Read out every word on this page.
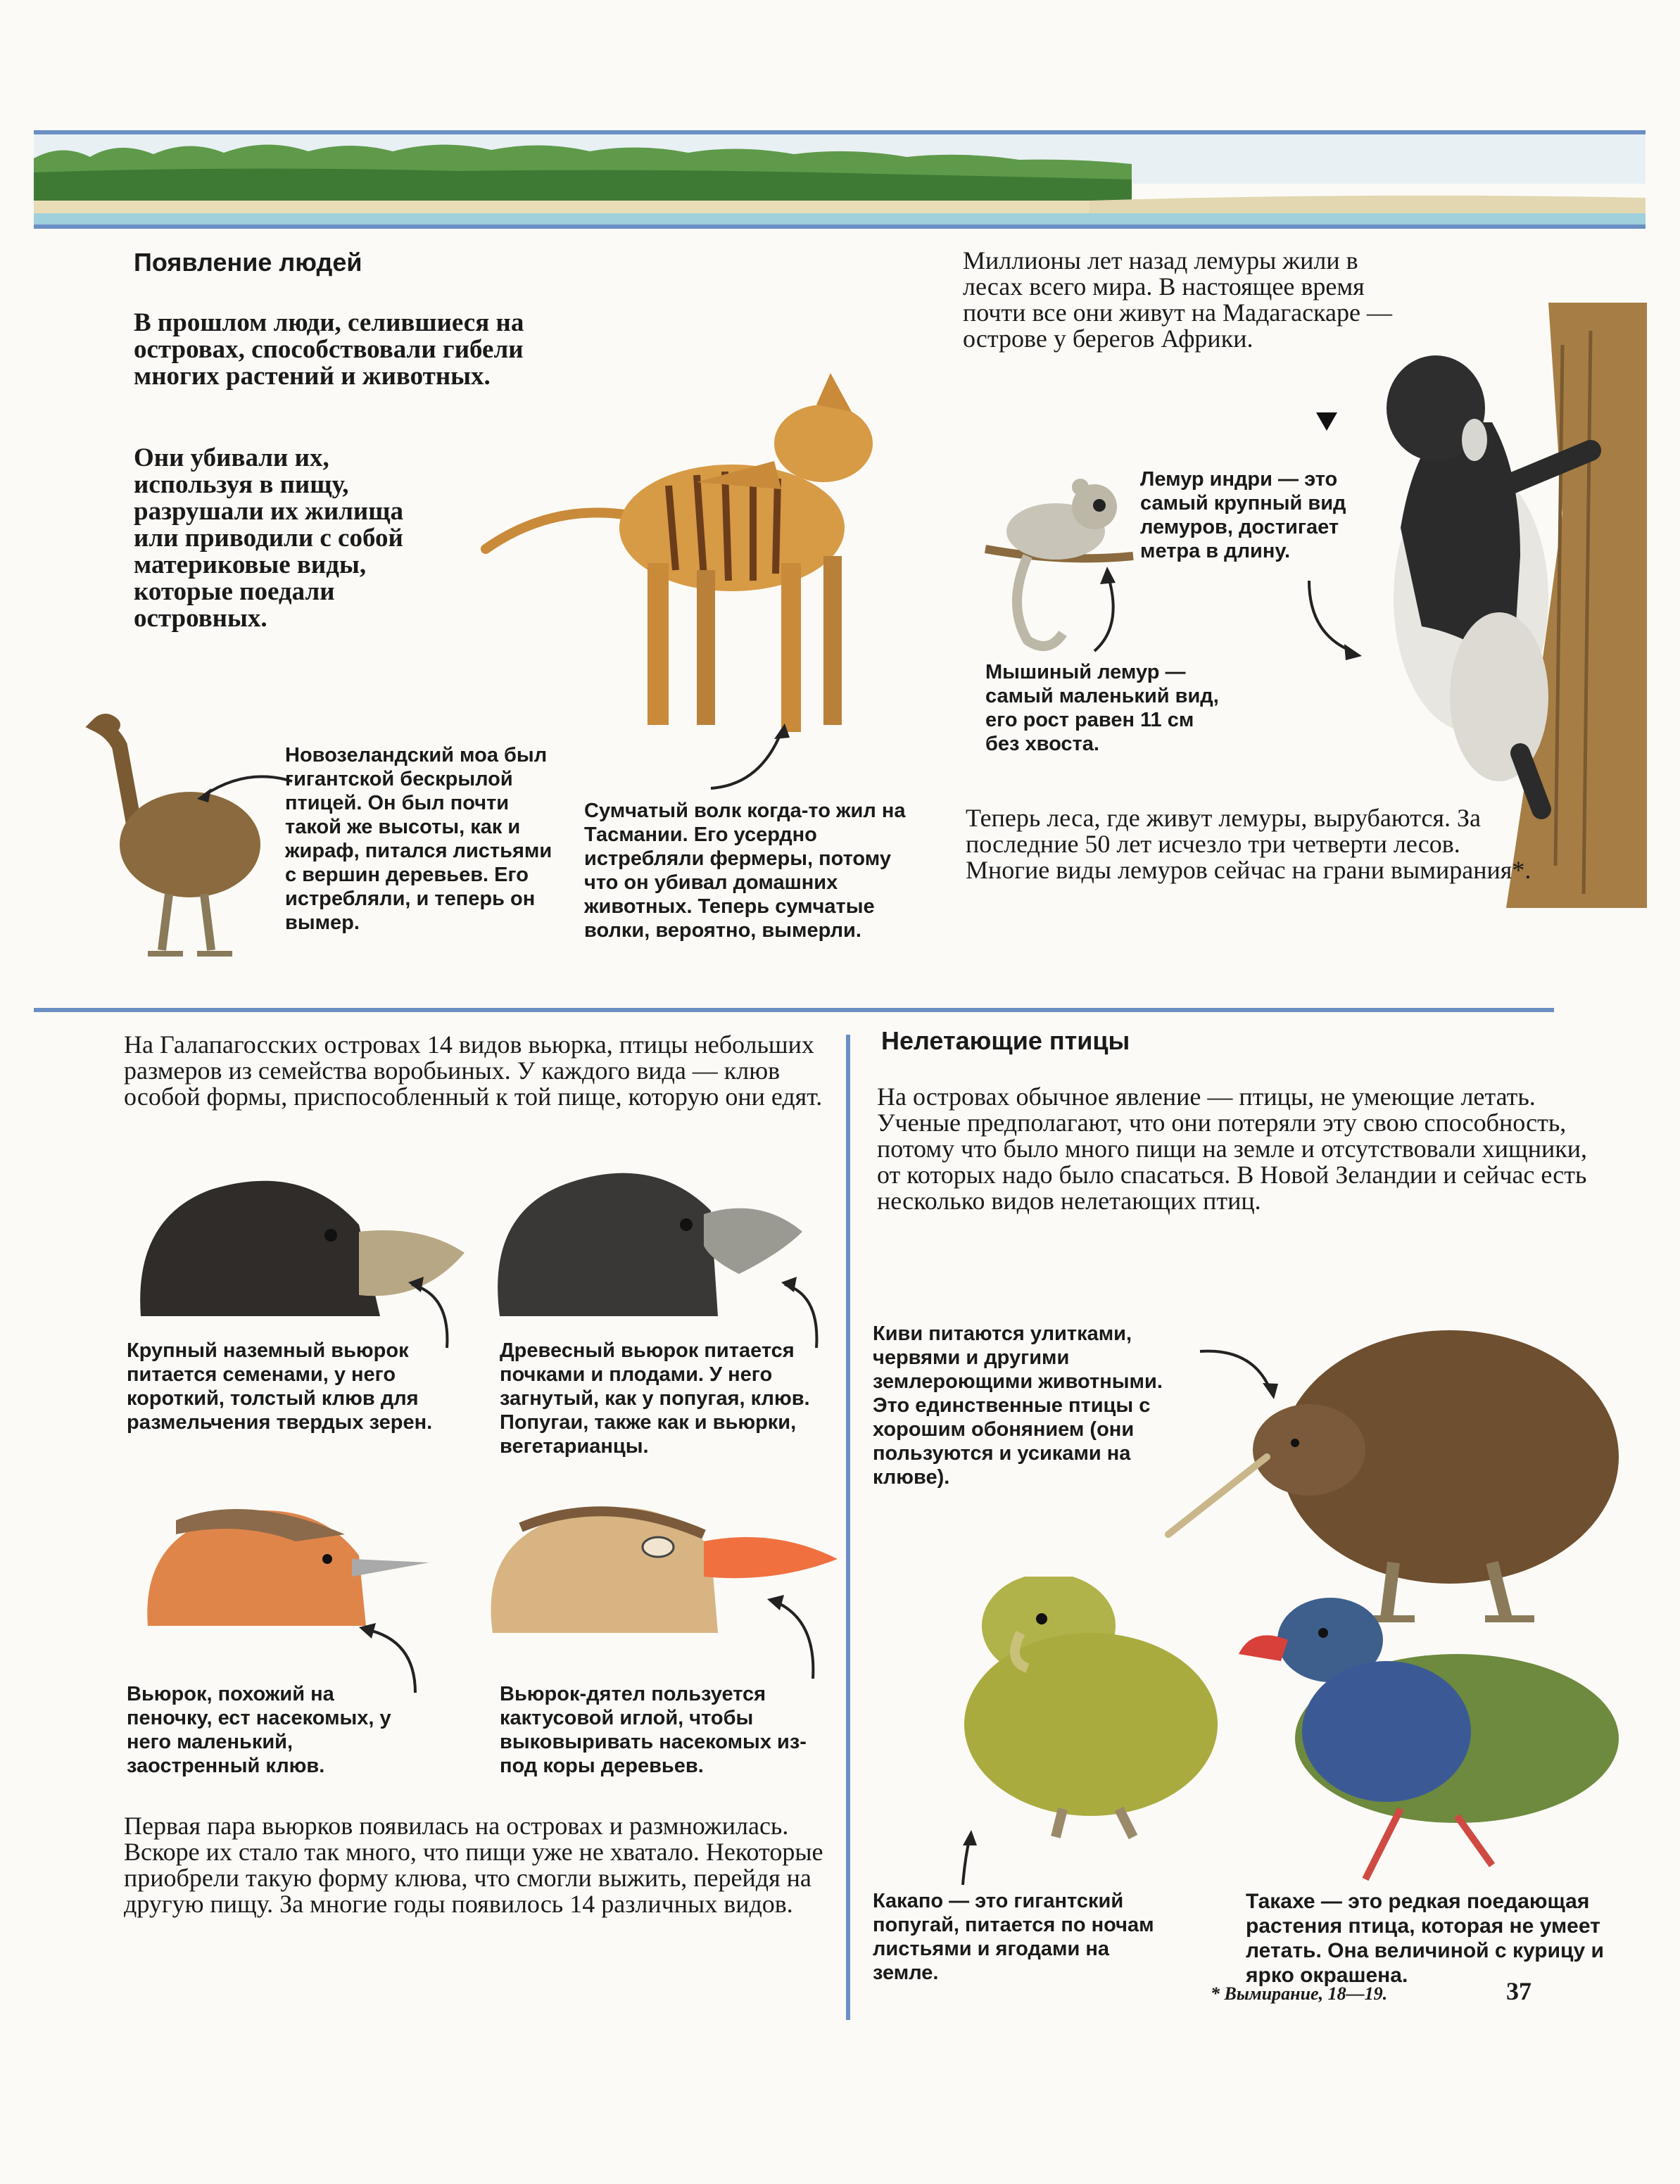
Появление людей

В прошлом люди, селившиеся на островах, способствовали гибели многих растений и животных.

Они убивали их, используя в пищу, разрушали их жилища или приводили с собой материковые виды, которые поедали островных.

Новозеландский моа был гигантской бескрылой птицей. Он был почти такой же высоты, как и жираф, питался листьями с вершин деревьев. Его истребляли, и теперь он вымер.

Сумчатый волк когда-то жил на Тасмании. Его усердно истребляли фермеры, потому что он убивал домашних животных. Теперь сумчатые волки, вероятно, вымерли.

Миллионы лет назад лемуры жили в лесах всего мира. В настоящее время почти все они живут на Мадагаскаре — острове у берегов Африки.

Лемур индри — это самый крупный вид лемуров, достигает метра в длину.

Мышиный лемур — самый маленький вид, его рост равен 11 см без хвоста.

Теперь леса, где живут лемуры, вырубаются. За последние 50 лет исчезло три четверти лесов. Многие виды лемуров сейчас на грани вымирания*.

На Галапагосских островах 14 видов вьюрка, птицы небольших размеров из семейства воробьиных. У каждого вида — клюв особой формы, приспособленный к той пище, которую они едят.

Крупный наземный вьюрок питается семенами, у него короткий, толстый клюв для размельчения твердых зерен.

Древесный вьюрок питается почками и плодами. У него загнутый, как у попугая, клюв. Попугаи, также как и вьюрки, вегетарианцы.

Вьюрок, похожий на пеночку, ест насекомых, у него маленький, заостренный клюв.

Вьюрок-дятел пользуется кактусовой иглой, чтобы выковыривать насекомых из-под коры деревьев.

Первая пара вьюрков появилась на островах и размножилась. Вскоре их стало так много, что пищи уже не хватало. Некоторые приобрели такую форму клюва, что смогли выжить, перейдя на другую пищу. За многие годы появилось 14 различных видов.

Нелетающие птицы

На островах обычное явление — птицы, не умеющие летать. Ученые предполагают, что они потеряли эту свою способность, потому что было много пищи на земле и отсутствовали хищники, от которых надо было спасаться. В Новой Зеландии и сейчас есть несколько видов нелетающих птиц.

Киви питаются улитками, червями и другими землероющими животными. Это единственные птицы с хорошим обонянием (они пользуются и усиками на клюве).

Какапо — это гигантский попугай, питается по ночам листьями и ягодами на земле.

Такахе — это редкая поедающая растения птица, которая не умеет летать. Она величиной с курицу и ярко окрашена.

* Вымирание, 18—19.	37
